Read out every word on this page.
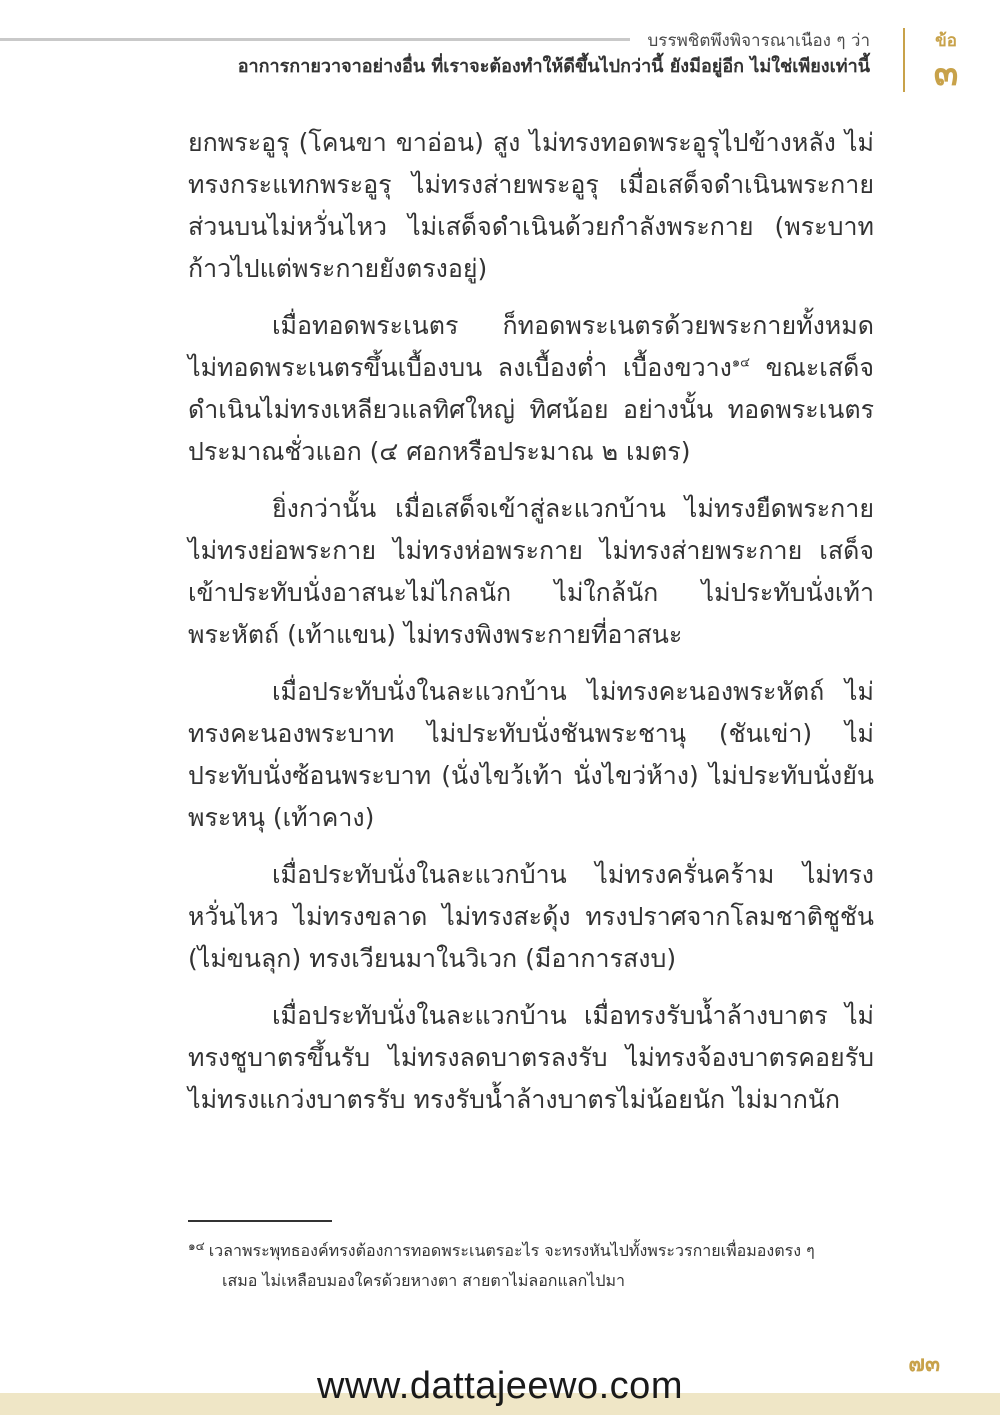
บรรพชิตพึงพิจารณาเนือง ๆ ว่า
อาการกายวาจาอย่างอื่น ที่เราจะต้องทำให้ดีขึ้นไปกว่านี้ ยังมีอยู่อีก ไม่ใช่เพียงเท่านี้
ข้อ
๓

ยกพระอูรุ (โคนขา ขาอ่อน) สูง ไม่ทรงทอดพระอูรุไปข้างหลัง ไม่ทรงกระแทกพระอูรุ ไม่ทรงส่ายพระอูรุ เมื่อเสด็จดำเนินพระกายส่วนบนไม่หวั่นไหว ไม่เสด็จดำเนินด้วยกำลังพระกาย (พระบาทก้าวไปแต่พระกายยังตรงอยู่)

เมื่อทอดพระเนตร ก็ทอดพระเนตรด้วยพระกายทั้งหมด ไม่ทอดพระเนตรขึ้นเบื้องบน ลงเบื้องต่ำ เบื้องขวาง$^{๑๔}$ ขณะเสด็จดำเนินไม่ทรงเหลียวแลทิศใหญ่ ทิศน้อย อย่างนั้น ทอดพระเนตรประมาณชั่วแอก (๔ ศอกหรือประมาณ ๒ เมตร)

ยิ่งกว่านั้น เมื่อเสด็จเข้าสู่ละแวกบ้าน ไม่ทรงยืดพระกาย ไม่ทรงย่อพระกาย ไม่ทรงห่อพระกาย ไม่ทรงส่ายพระกาย เสด็จเข้าประทับนั่งอาสนะไม่ไกลนัก ไม่ใกล้นัก ไม่ประทับนั่งเท้าพระหัตถ์ (เท้าแขน) ไม่ทรงพิงพระกายที่อาสนะ

เมื่อประทับนั่งในละแวกบ้าน ไม่ทรงคะนองพระหัตถ์ ไม่ทรงคะนองพระบาท ไม่ประทับนั่งชันพระชานุ (ชันเข่า) ไม่ประทับนั่งซ้อนพระบาท (นั่งไขว้เท้า นั่งไขว่ห้าง) ไม่ประทับนั่งยันพระหนุ (เท้าคาง)

เมื่อประทับนั่งในละแวกบ้าน ไม่ทรงครั่นคร้าม ไม่ทรงหวั่นไหว ไม่ทรงขลาด ไม่ทรงสะดุ้ง ทรงปราศจากโลมชาติชูชัน (ไม่ขนลุก) ทรงเวียนมาในวิเวก (มีอาการสงบ)

เมื่อประทับนั่งในละแวกบ้าน เมื่อทรงรับน้ำล้างบาตร ไม่ทรงชูบาตรขึ้นรับ ไม่ทรงลดบาตรลงรับ ไม่ทรงจ้องบาตรคอยรับ ไม่ทรงแกว่งบาตรรับ ทรงรับน้ำล้างบาตรไม่น้อยนัก ไม่มากนัก

$^{๑๔}$ เวลาพระพุทธองค์ทรงต้องการทอดพระเนตรอะไร จะทรงหันไปทั้งพระวรกายเพื่อมองตรง ๆ
เสมอ ไม่เหลือบมองใครด้วยหางตา สายตาไม่ลอกแลกไปมา
๗๓
www.dattajeewo.com
